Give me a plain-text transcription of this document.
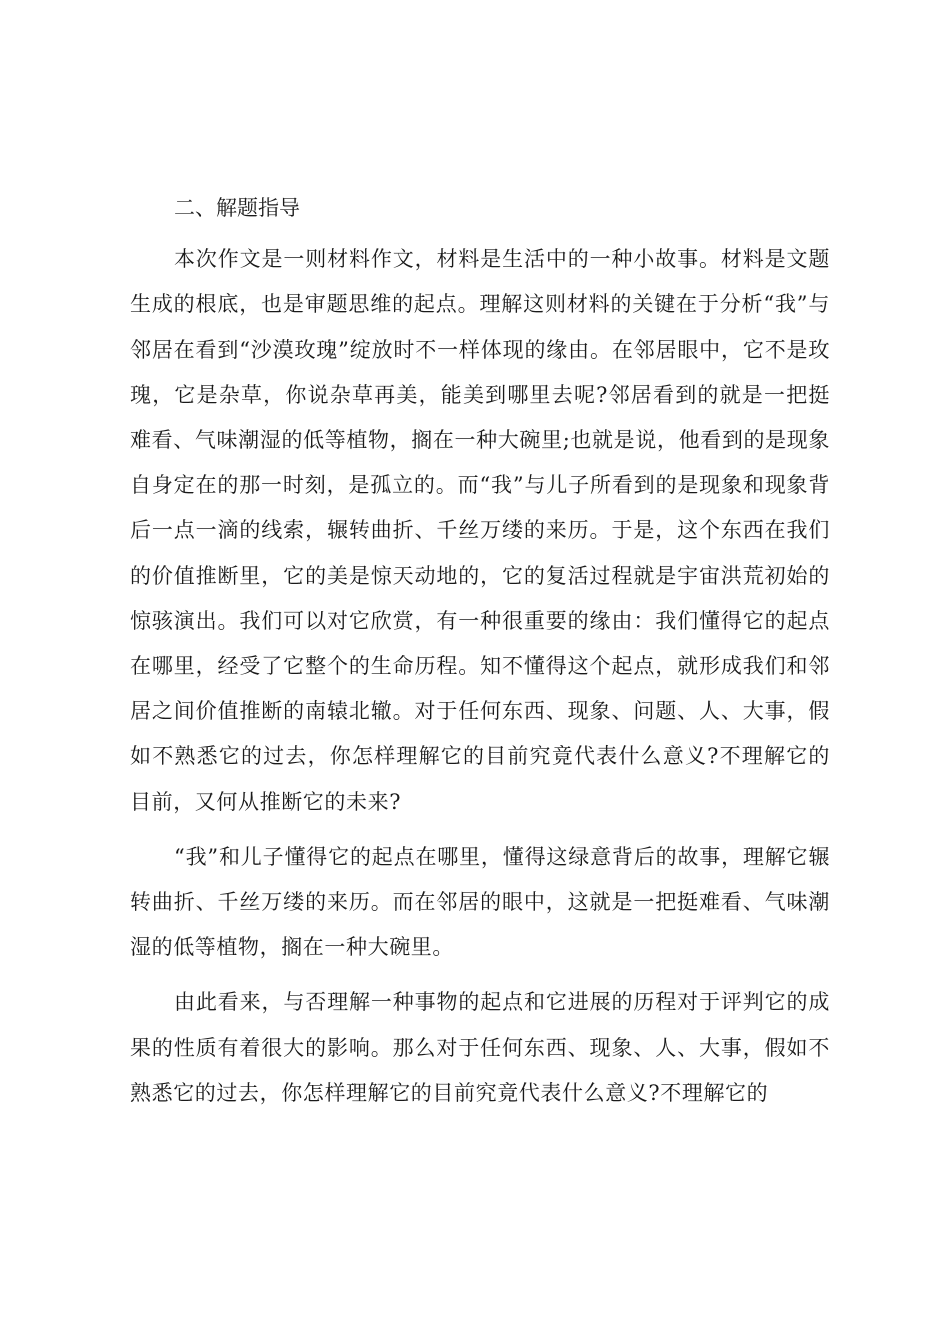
二、解题指导

本次作文是一则材料作文，材料是生活中的一种小故事。材料是文题生成的根底，也是审题思维的起点。理解这则材料的关键在于分析“我”与邻居在看到“沙漠玫瑰”绽放时不一样体现的缘由。在邻居眼中，它不是玫瑰，它是杂草，你说杂草再美，能美到哪里去呢?邻居看到的就是一把挺难看、气味潮湿的低等植物，搁在一种大碗里;也就是说，他看到的是现象自身定在的那一时刻，是孤立的。而“我”与儿子所看到的是现象和现象背后一点一滴的线索，辗转曲折、千丝万缕的来历。于是，这个东西在我们的价值推断里，它的美是惊天动地的，它的复活过程就是宇宙洪荒初始的惊骇演出。我们可以对它欣赏，有一种很重要的缘由：我们懂得它的起点在哪里，经受了它整个的生命历程。知不懂得这个起点，就形成我们和邻居之间价值推断的南辕北辙。对于任何东西、现象、问题、人、大事，假如不熟悉它的过去，你怎样理解它的目前究竟代表什么意义?不理解它的目前，又何从推断它的未来?

“我”和儿子懂得它的起点在哪里，懂得这绿意背后的故事，理解它辗转曲折、千丝万缕的来历。而在邻居的眼中，这就是一把挺难看、气味潮湿的低等植物，搁在一种大碗里。

由此看来，与否理解一种事物的起点和它进展的历程对于评判它的成果的性质有着很大的影响。那么对于任何东西、现象、人、大事，假如不熟悉它的过去，你怎样理解它的目前究竟代表什么意义?不理解它的
